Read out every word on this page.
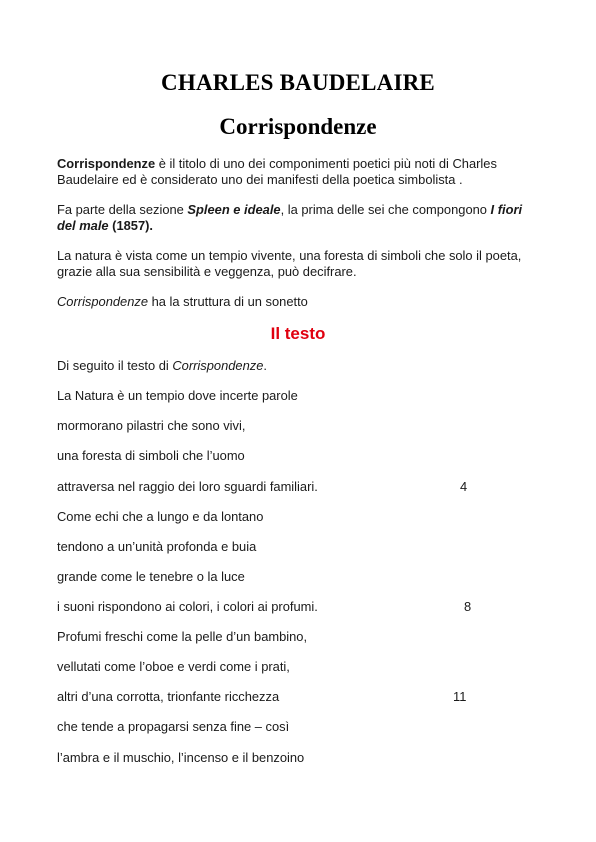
CHARLES BAUDELAIRE
Corrispondenze

Corrispondenze è il titolo di uno dei componimenti poetici più noti di Charles Baudelaire ed è considerato uno dei manifesti della poetica simbolista .

Fa parte della sezione Spleen e ideale, la prima delle sei che compongono I fiori del male (1857).

La natura è vista come un tempio vivente, una foresta di simboli che solo il poeta, grazie alla sua sensibilità e veggenza, può decifrare.

Corrispondenze ha la struttura di un sonetto

Il testo

Di seguito il testo di Corrispondenze.

La Natura è un tempio dove incerte parole

mormorano pilastri che sono vivi,

una foresta di simboli che l’uomo

attraversa nel raggio dei loro sguardi familiari.	4

Come echi che a lungo e da lontano

tendono a un’unità profonda e buia

grande come le tenebre o la luce

i suoni rispondono ai colori, i colori ai profumi.	8

Profumi freschi come la pelle d’un bambino,

vellutati come l’oboe e verdi come i prati,

altri d’una corrotta, trionfante ricchezza	11

che tende a propagarsi senza fine – così

l’ambra e il muschio, l’incenso e il benzoino
